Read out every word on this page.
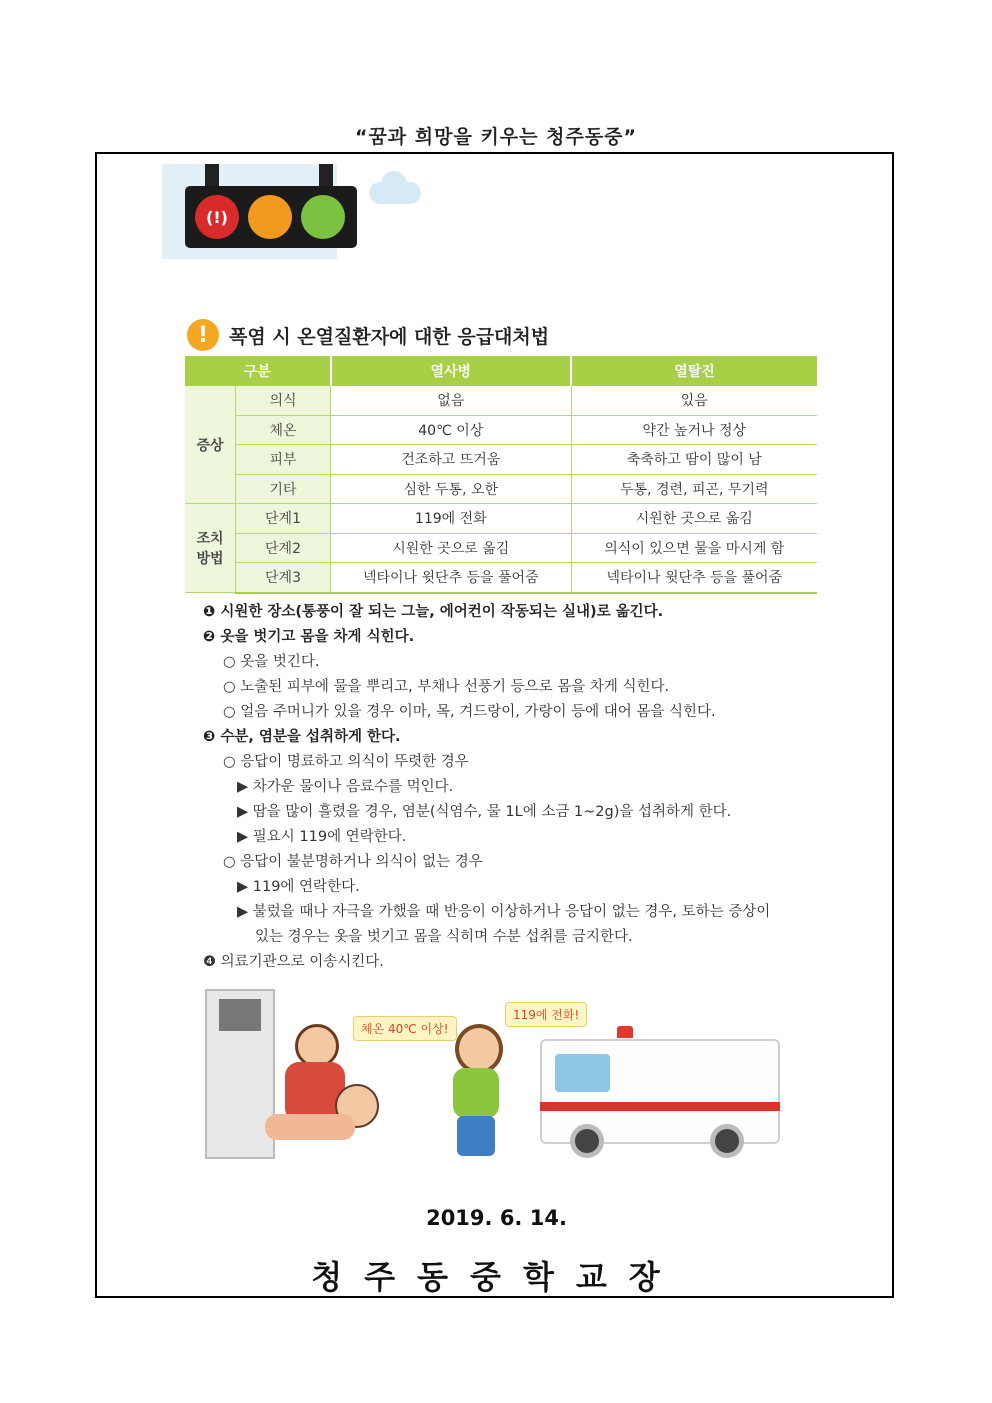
“꿈과 희망을 키우는 청주동중”
(!)
!	폭염 시 온열질환자에 대한 응급대처법
구분		열사병	열탈진
증상	의식	없음	있음
	체온	40℃ 이상	약간 높거나 정상
	피부	건조하고 뜨거움	축축하고 땀이 많이 남
	기타	심한 두통, 오한	두통, 경련, 피곤, 무기력
조치
방법	단계1	119에 전화	시원한 곳으로 옮김
	단계2	시원한 곳으로 옮김	의식이 있으면 물을 마시게 함
	단계3	넥타이나 윗단추 등을 풀어줌	넥타이나 윗단추 등을 풀어줌
❶ 시원한 장소(통풍이 잘 되는 그늘, 에어컨이 작동되는 실내)로 옮긴다.
❷ 옷을 벗기고 몸을 차게 식힌다.
○ 옷을 벗긴다.
○ 노출된 피부에 물을 뿌리고, 부채나 선풍기 등으로 몸을 차게 식힌다.
○ 얼음 주머니가 있을 경우 이마, 목, 겨드랑이, 가랑이 등에 대어 몸을 식힌다.
❸ 수분, 염분을 섭취하게 한다.
○ 응답이 명료하고 의식이 뚜렷한 경우
▶ 차가운 물이나 음료수를 먹인다.
▶ 땀을 많이 흘렸을 경우, 염분(식염수, 물 1L에 소금 1~2g)을 섭취하게 한다.
▶ 필요시 119에 연락한다.
○ 응답이 불분명하거나 의식이 없는 경우
▶ 119에 연락한다.
▶ 불렀을 때나 자극을 가했을 때 반응이 이상하거나 응답이 없는 경우, 토하는 증상이
있는 경우는 옷을 벗기고 몸을 식히며 수분 섭취를 금지한다.
❹ 의료기관으로 이송시킨다.
체온 40℃ 이상!
119에 전화!
2019. 6. 14.
청주동중학교장
